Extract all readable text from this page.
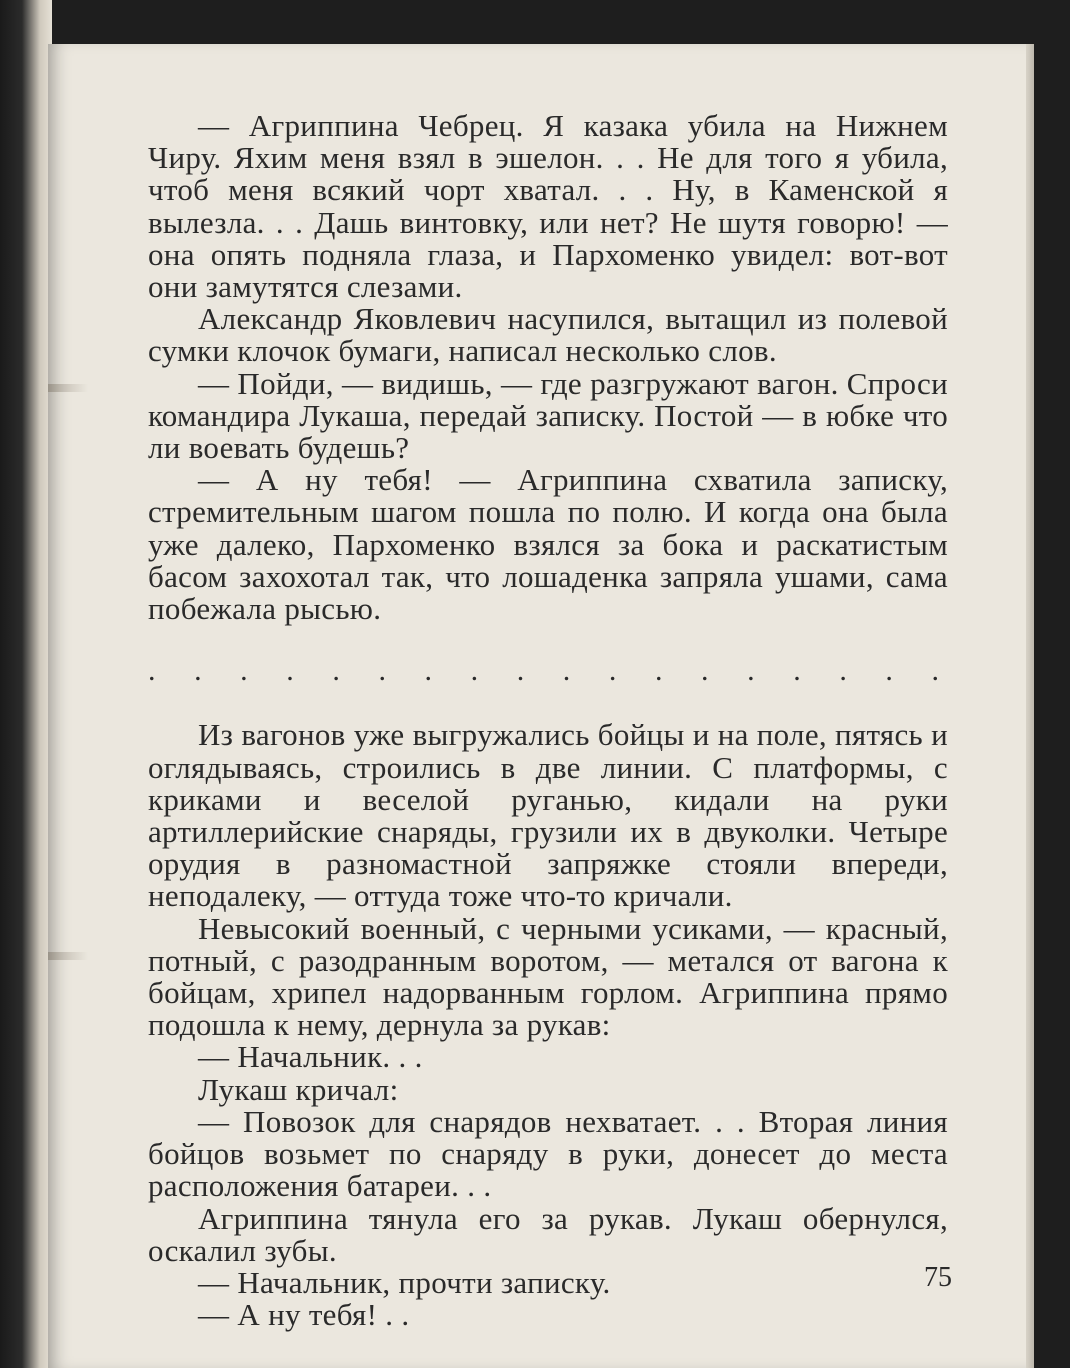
— Агриппина Чебрец. Я казака убила на Нижнем Чиру. Яхим меня взял в эшелон. . . Не для того я убила, чтоб меня всякий чорт хватал. . . Ну, в Каменской я вылезла. . . Дашь винтовку, или нет? Не шутя говорю! — она опять подняла глаза, и Пархоменко увидел: вот-вот они замутятся слезами.

Александр Яковлевич насупился, вытащил из полевой сумки клочок бумаги, написал несколько слов.

— Пойди, — видишь, — где разгружают вагон. Спроси командира Лукаша, передай записку. Постой — в юбке что ли воевать будешь?

— А ну тебя! — Агриппина схватила записку, стремительным шагом пошла по полю. И когда она была уже далеко, Пархоменко взялся за бока и раскатистым басом захохотал так, что лошаденка запряла ушами, сама побежала рысью.

. . . . . . . . . . . . . . . . . .

Из вагонов уже выгружались бойцы и на поле, пятясь и оглядываясь, строились в две линии. С платформы, с криками и веселой руганью, кидали на руки артиллерийские снаряды, грузили их в двуколки. Четыре орудия в разномастной запряжке стояли впереди, неподалеку, — оттуда тоже что-то кричали.

Невысокий военный, с черными усиками, — красный, потный, с разодранным воротом, — метался от вагона к бойцам, хрипел надорванным горлом. Агриппина прямо подошла к нему, дернула за рукав:

— Начальник. . .

Лукаш кричал:

— Повозок для снарядов нехватает. . . Вторая линия бойцов возьмет по снаряду в руки, донесет до места расположения батареи. . .

Агриппина тянула его за рукав. Лукаш обернулся, оскалил зубы.

— Начальник, прочти записку.

— А ну тебя! . .

75
